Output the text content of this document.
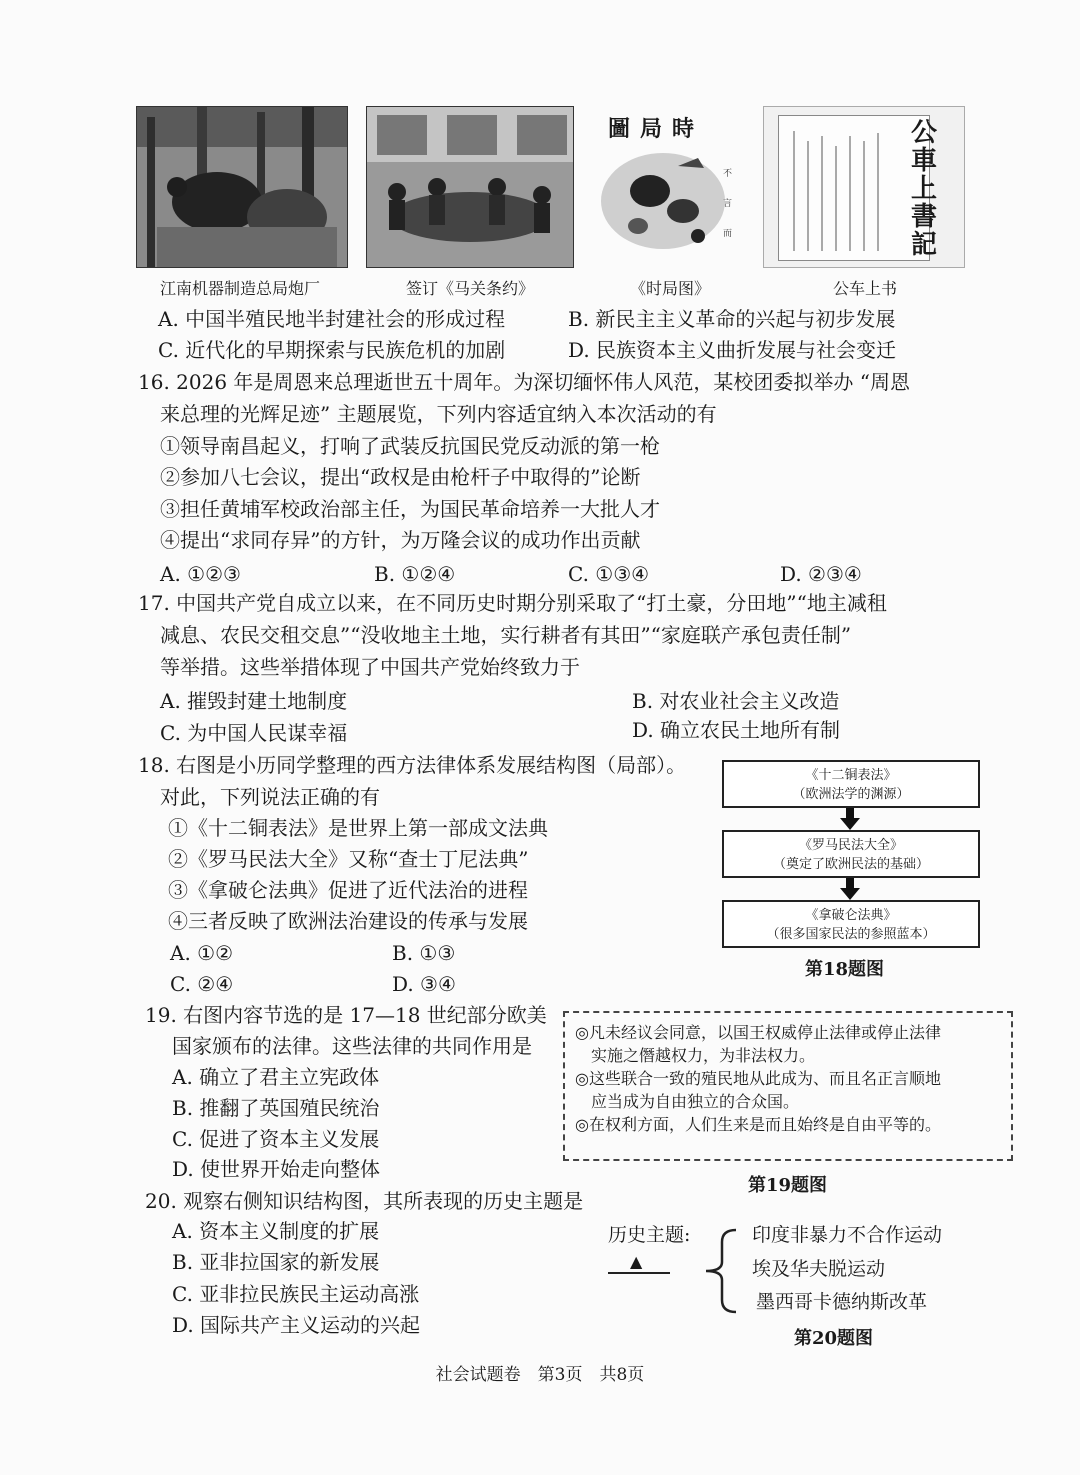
圖局時
不
言
而
公
車
上
書
記
江南机器制造总局炮厂	签订《马关条约》	《时局图》	公车上书
A. 中国半殖民地半封建社会的形成过程	B. 新民主主义革命的兴起与初步发展
C. 近代化的早期探索与民族危机的加剧	D. 民族资本主义曲折发展与社会变迁
16. 2026 年是周恩来总理逝世五十周年。为深切缅怀伟人风范，某校团委拟举办 “周恩
来总理的光辉足迹” 主题展览，下列内容适宜纳入本次活动的有
①领导南昌起义，打响了武装反抗国民党反动派的第一枪
②参加八七会议，提出“政权是由枪杆子中取得的”论断
③担任黄埔军校政治部主任，为国民革命培养一大批人才
④提出“求同存异”的方针，为万隆会议的成功作出贡献
A. ①②③	B. ①②④	C. ①③④	D. ②③④
17. 中国共产党自成立以来，在不同历史时期分别采取了“打土豪，分田地”“地主减租
减息、农民交租交息”“没收地主土地，实行耕者有其田”“家庭联产承包责任制”
等举措。这些举措体现了中国共产党始终致力于
A. 摧毁封建土地制度	B. 对农业社会主义改造
C. 为中国人民谋幸福	D. 确立农民土地所有制
18. 右图是小历同学整理的西方法律体系发展结构图（局部）。
对此，下列说法正确的有
①《十二铜表法》是世界上第一部成文法典
②《罗马民法大全》又称“查士丁尼法典”
③《拿破仑法典》促进了近代法治的进程
④三者反映了欧洲法治建设的传承与发展
A. ①②	B. ①③
C. ②④	D. ③④
《十二铜表法》
（欧洲法学的渊源）
《罗马民法大全》
（奠定了欧洲民法的基础）
《拿破仑法典》
（很多国家民法的参照蓝本）
第18题图
19. 右图内容节选的是 17—18 世纪部分欧美
国家颁布的法律。这些法律的共同作用是
A. 确立了君主立宪政体
B. 推翻了英国殖民统治
C. 促进了资本主义发展
D. 使世界开始走向整体
◎凡未经议会同意，以国王权威停止法律或停止法律
　实施之僭越权力，为非法权力。
◎这些联合一致的殖民地从此成为、而且名正言顺地
　应当成为自由独立的合众国。
◎在权利方面，人们生来是而且始终是自由平等的。
第19题图
20. 观察右侧知识结构图，其所表现的历史主题是
A. 资本主义制度的扩展
B. 亚非拉国家的新发展
C. 亚非拉民族民主运动高涨
D. 国际共产主义运动的兴起
历史主题:
▲
印度非暴力不合作运动
埃及华夫脱运动
墨西哥卡德纳斯改革
第20题图
社会试题卷　第3页　共8页
